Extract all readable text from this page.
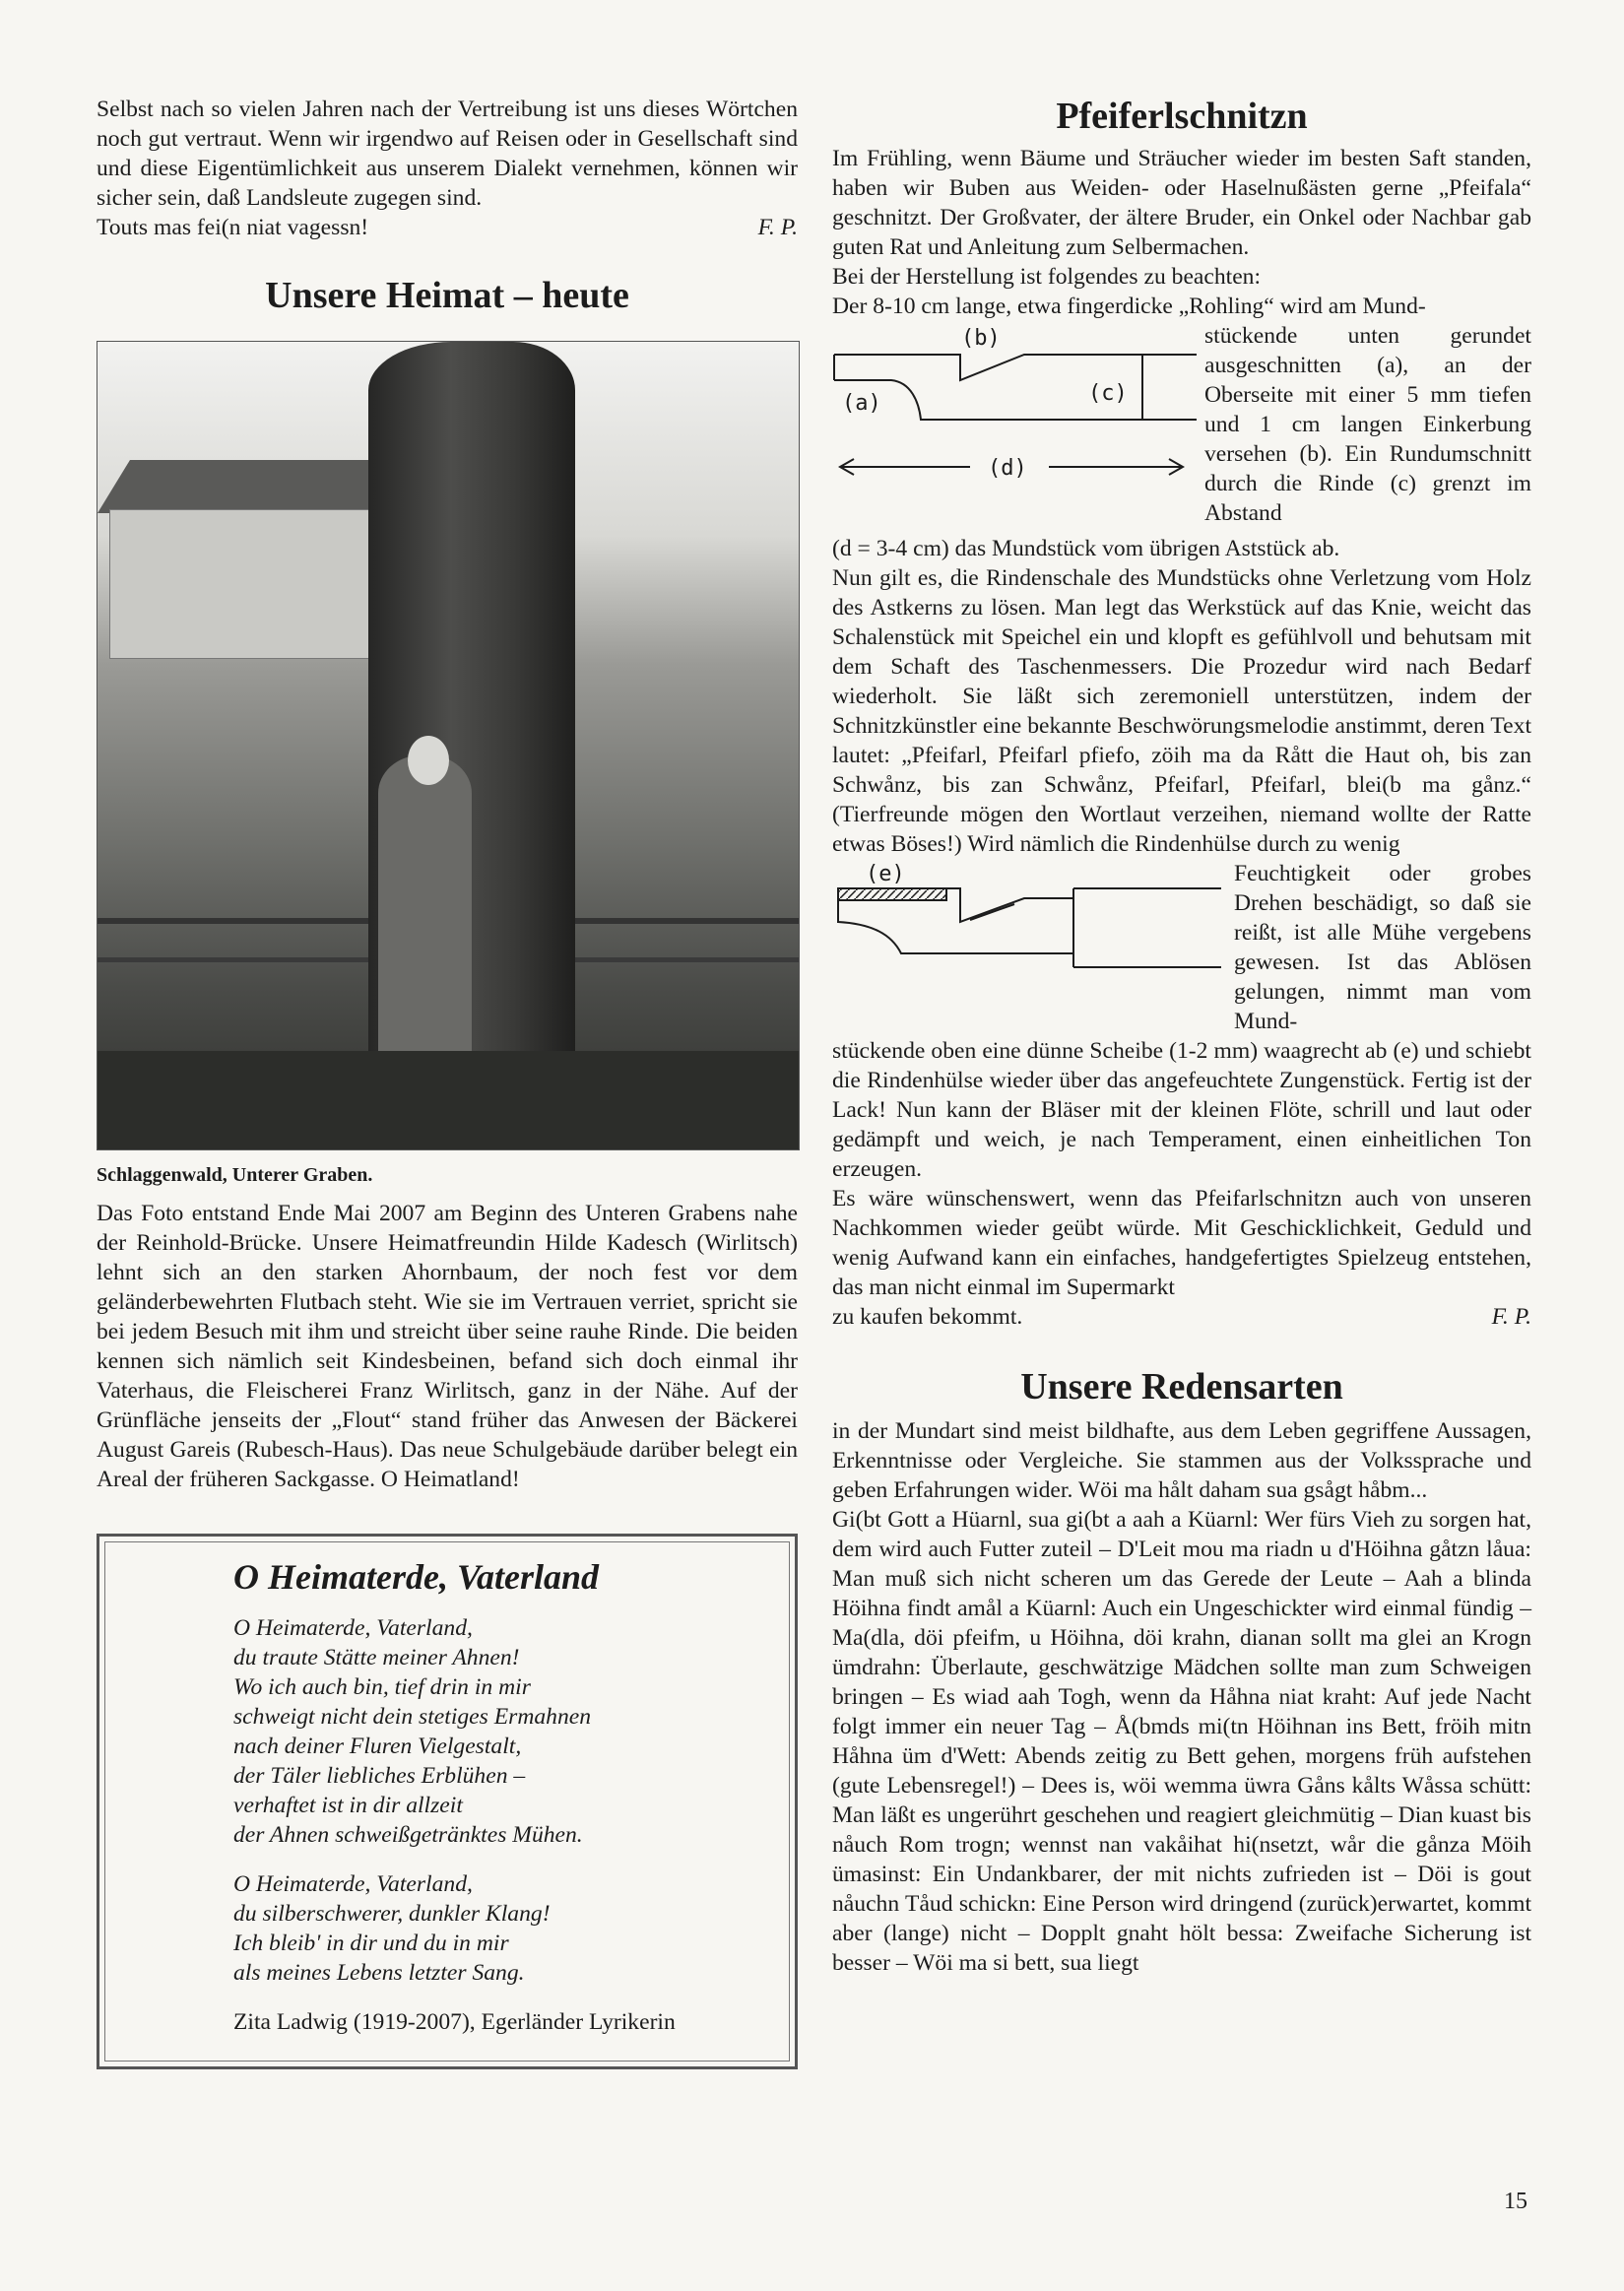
Selbst nach so vielen Jahren nach der Vertreibung ist uns dieses Wörtchen noch gut vertraut. Wenn wir irgendwo auf Reisen oder in Gesellschaft sind und diese Eigentümlichkeit aus unserem Dialekt vernehmen, können wir sicher sein, daß Landsleute zugegen sind.

Touts mas fei(n niat vagessn!	F. P.
Unsere Heimat – heute
Schlaggenwald, Unterer Graben.

Das Foto entstand Ende Mai 2007 am Beginn des Unteren Grabens nahe der Reinhold-Brücke. Unsere Heimatfreundin Hilde Kadesch (Wirlitsch) lehnt sich an den starken Ahornbaum, der noch fest vor dem geländerbewehrten Flutbach steht. Wie sie im Vertrauen verriet, spricht sie bei jedem Besuch mit ihm und streicht über seine rauhe Rinde. Die beiden kennen sich nämlich seit Kindesbeinen, befand sich doch einmal ihr Vaterhaus, die Fleischerei Franz Wirlitsch, ganz in der Nähe. Auf der Grünfläche jenseits der „Flout“ stand früher das Anwesen der Bäckerei August Gareis (Rubesch-Haus). Das neue Schulgebäude darüber belegt ein Areal der früheren Sackgasse. O Heimatland!

O Heimaterde, Vaterland
O Heimaterde, Vaterland,
du traute Stätte meiner Ahnen!
Wo ich auch bin, tief drin in mir
schweigt nicht dein stetiges Ermahnen
nach deiner Fluren Vielgestalt,
der Täler liebliches Erblühen –
verhaftet ist in dir allzeit
der Ahnen schweißgetränktes Mühen.
O Heimaterde, Vaterland,
du silberschwerer, dunkler Klang!
Ich bleib' in dir und du in mir
als meines Lebens letzter Sang.
Zita Ladwig (1919-2007), Egerländer Lyrikerin
Pfeiferlschnitzn

Im Frühling, wenn Bäume und Sträucher wieder im besten Saft standen, haben wir Buben aus Weiden- oder Haselnußästen gerne „Pfeifala“ geschnitzt. Der Großvater, der ältere Bruder, ein Onkel oder Nachbar gab guten Rat und Anleitung zum Selbermachen.

Bei der Herstellung ist folgendes zu beachten:

Der 8-10 cm lange, etwa fingerdicke „Rohling“ wird am Mund-

(b)
(a)	(c)
(d)

stückende unten gerundet ausgeschnitten (a), an der Oberseite mit einer 5 mm tiefen und 1 cm langen Einkerbung versehen (b). Ein Rundumschnitt durch die Rinde (c) grenzt im Abstand

(d = 3-4 cm) das Mundstück vom übrigen Aststück ab.

Nun gilt es, die Rindenschale des Mundstücks ohne Verletzung vom Holz des Astkerns zu lösen. Man legt das Werkstück auf das Knie, weicht das Schalenstück mit Speichel ein und klopft es gefühlvoll und behutsam mit dem Schaft des Taschenmessers. Die Prozedur wird nach Bedarf wiederholt. Sie läßt sich zeremoniell unterstützen, indem der Schnitzkünstler eine bekannte Beschwörungsmelodie anstimmt, deren Text lautet: „Pfeifarl, Pfeifarl pfiefo, zöih ma da Rått die Haut oh, bis zan Schwånz, bis zan Schwånz, Pfeifarl, Pfeifarl, blei(b ma gånz.“ (Tierfreunde mögen den Wortlaut verzeihen, niemand wollte der Ratte etwas Böses!) Wird nämlich die Rindenhülse durch zu wenig

(e)	Feuchtigkeit oder grobes Drehen beschädigt, so daß sie reißt, ist alle Mühe vergebens gewesen. Ist das Ablösen gelungen, nimmt man vom Mund-

stückende oben eine dünne Scheibe (1-2 mm) waagrecht ab (e) und schiebt die Rindenhülse wieder über das angefeuchtete Zungenstück. Fertig ist der Lack! Nun kann der Bläser mit der kleinen Flöte, schrill und laut oder gedämpft und weich, je nach Temperament, einen einheitlichen Ton erzeugen.

Es wäre wünschenswert, wenn das Pfeifarlschnitzn auch von unseren Nachkommen wieder geübt würde. Mit Geschicklichkeit, Geduld und wenig Aufwand kann ein einfaches, handgefertigtes Spielzeug entstehen, das man nicht einmal im Supermarkt

zu kaufen bekommt.	F. P.
Unsere Redensarten

in der Mundart sind meist bildhafte, aus dem Leben gegriffene Aussagen, Erkenntnisse oder Vergleiche. Sie stammen aus der Volkssprache und geben Erfahrungen wider. Wöi ma hålt daham sua gsågt håbm...

Gi(bt Gott a Hüarnl, sua gi(bt a aah a Küarnl: Wer fürs Vieh zu sorgen hat, dem wird auch Futter zuteil – D'Leit mou ma riadn u d'Höihna gåtzn låua: Man muß sich nicht scheren um das Gerede der Leute – Aah a blinda Höihna findt amål a Küarnl: Auch ein Ungeschickter wird einmal fündig – Ma(dla, döi pfeifm, u Höihna, döi krahn, dianan sollt ma glei an Krogn ümdrahn: Überlaute, geschwätzige Mädchen sollte man zum Schweigen bringen – Es wiad aah Togh, wenn da Håhna niat kraht: Auf jede Nacht folgt immer ein neuer Tag – Å(bmds mi(tn Höihnan ins Bett, fröih mitn Håhna üm d'Wett: Abends zeitig zu Bett gehen, morgens früh aufstehen (gute Lebensregel!) – Dees is, wöi wemma üwra Gåns kålts Wåssa schütt: Man läßt es ungerührt geschehen und reagiert gleichmütig – Dian kuast bis nåuch Rom trogn; wennst nan vakåihat hi(nsetzt, wår die gånza Möih ümasinst: Ein Undankbarer, der mit nichts zufrieden ist – Döi is gout nåuchn Tåud schickn: Eine Person wird dringend (zurück)erwartet, kommt aber (lange) nicht – Dopplt gnaht hölt bessa: Zweifache Sicherung ist besser – Wöi ma si bett, sua liegt

15
